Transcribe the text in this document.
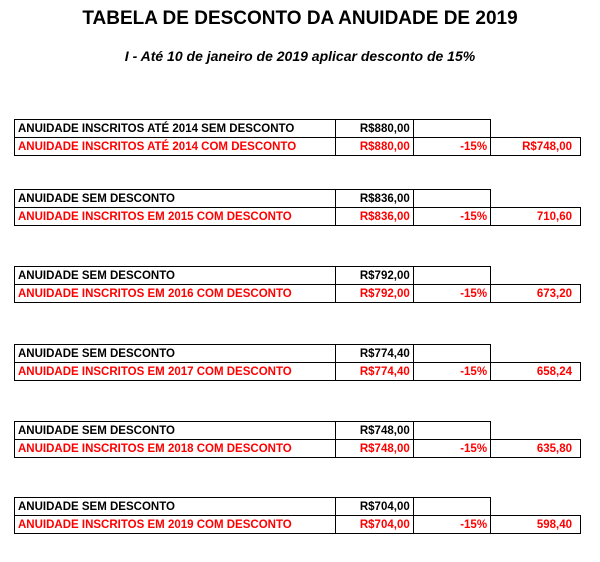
TABELA DE DESCONTO DA ANUIDADE DE 2019

I - Até 10 de janeiro de 2019 aplicar desconto de 15%

ANUIDADE INSCRITOS ATÉ 2014 SEM DESCONTO	R$880,00		
ANUIDADE INSCRITOS ATÉ 2014 COM DESCONTO	R$880,00	-15%	R$748,00
ANUIDADE SEM DESCONTO	R$836,00		
ANUIDADE INSCRITOS EM 2015 COM DESCONTO	R$836,00	-15%	710,60
ANUIDADE SEM DESCONTO	R$792,00		
ANUIDADE INSCRITOS EM 2016 COM DESCONTO	R$792,00	-15%	673,20
ANUIDADE SEM DESCONTO	R$774,40		
ANUIDADE INSCRITOS EM 2017 COM DESCONTO	R$774,40	-15%	658,24
ANUIDADE SEM DESCONTO	R$748,00		
ANUIDADE INSCRITOS EM 2018 COM DESCONTO	R$748,00	-15%	635,80
ANUIDADE SEM DESCONTO	R$704,00		
ANUIDADE INSCRITOS EM 2019 COM DESCONTO	R$704,00	-15%	598,40
